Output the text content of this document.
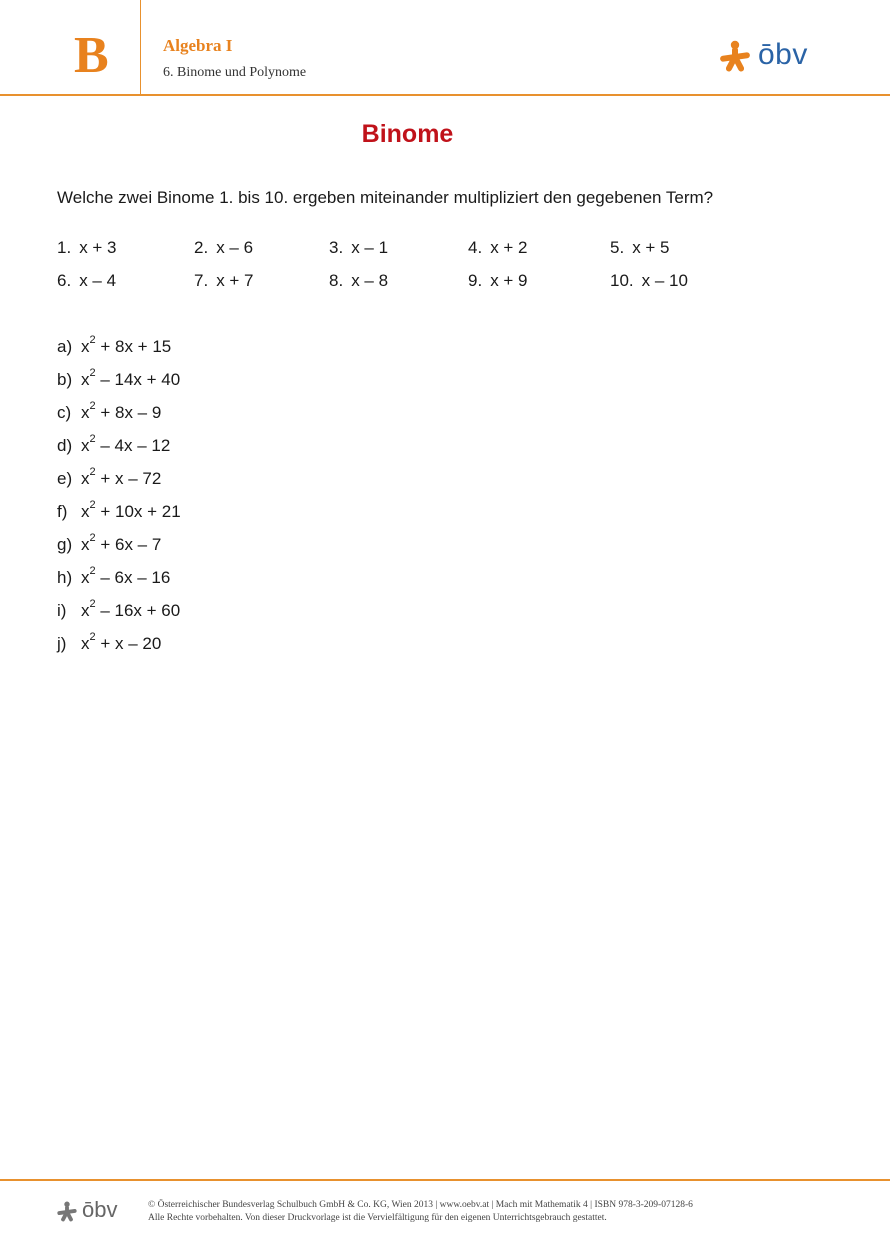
B	Algebra I
6. Binome und Polynome
ōbv
Binome
Welche zwei Binome 1. bis 10. ergeben miteinander multipliziert den gegebenen Term?
1. x + 3	2. x – 6	3. x – 1	4. x + 2	5. x + 5
6. x – 4	7. x + 7	8. x – 8	9. x + 9	10. x – 10
a) $x^2 + 8x + 15$
b) $x^2 - 14x + 40$
c) $x^2 + 8x - 9$
d) $x^2 - 4x - 12$
e) $x^2 + x - 72$
f) $x^2 + 10x + 21$
g) $x^2 + 6x - 7$
h) $x^2 - 6x - 16$
i) $x^2 - 16x + 60$
j) $x^2 + x - 20$
ōbv	© Österreichischer Bundesverlag Schulbuch GmbH & Co. KG, Wien 2013 | www.oebv.at | Mach mit Mathematik 4 | ISBN 978-3-209-07128-6
Alle Rechte vorbehalten. Von dieser Druckvorlage ist die Vervielfältigung für den eigenen Unterrichtsgebrauch gestattet.
